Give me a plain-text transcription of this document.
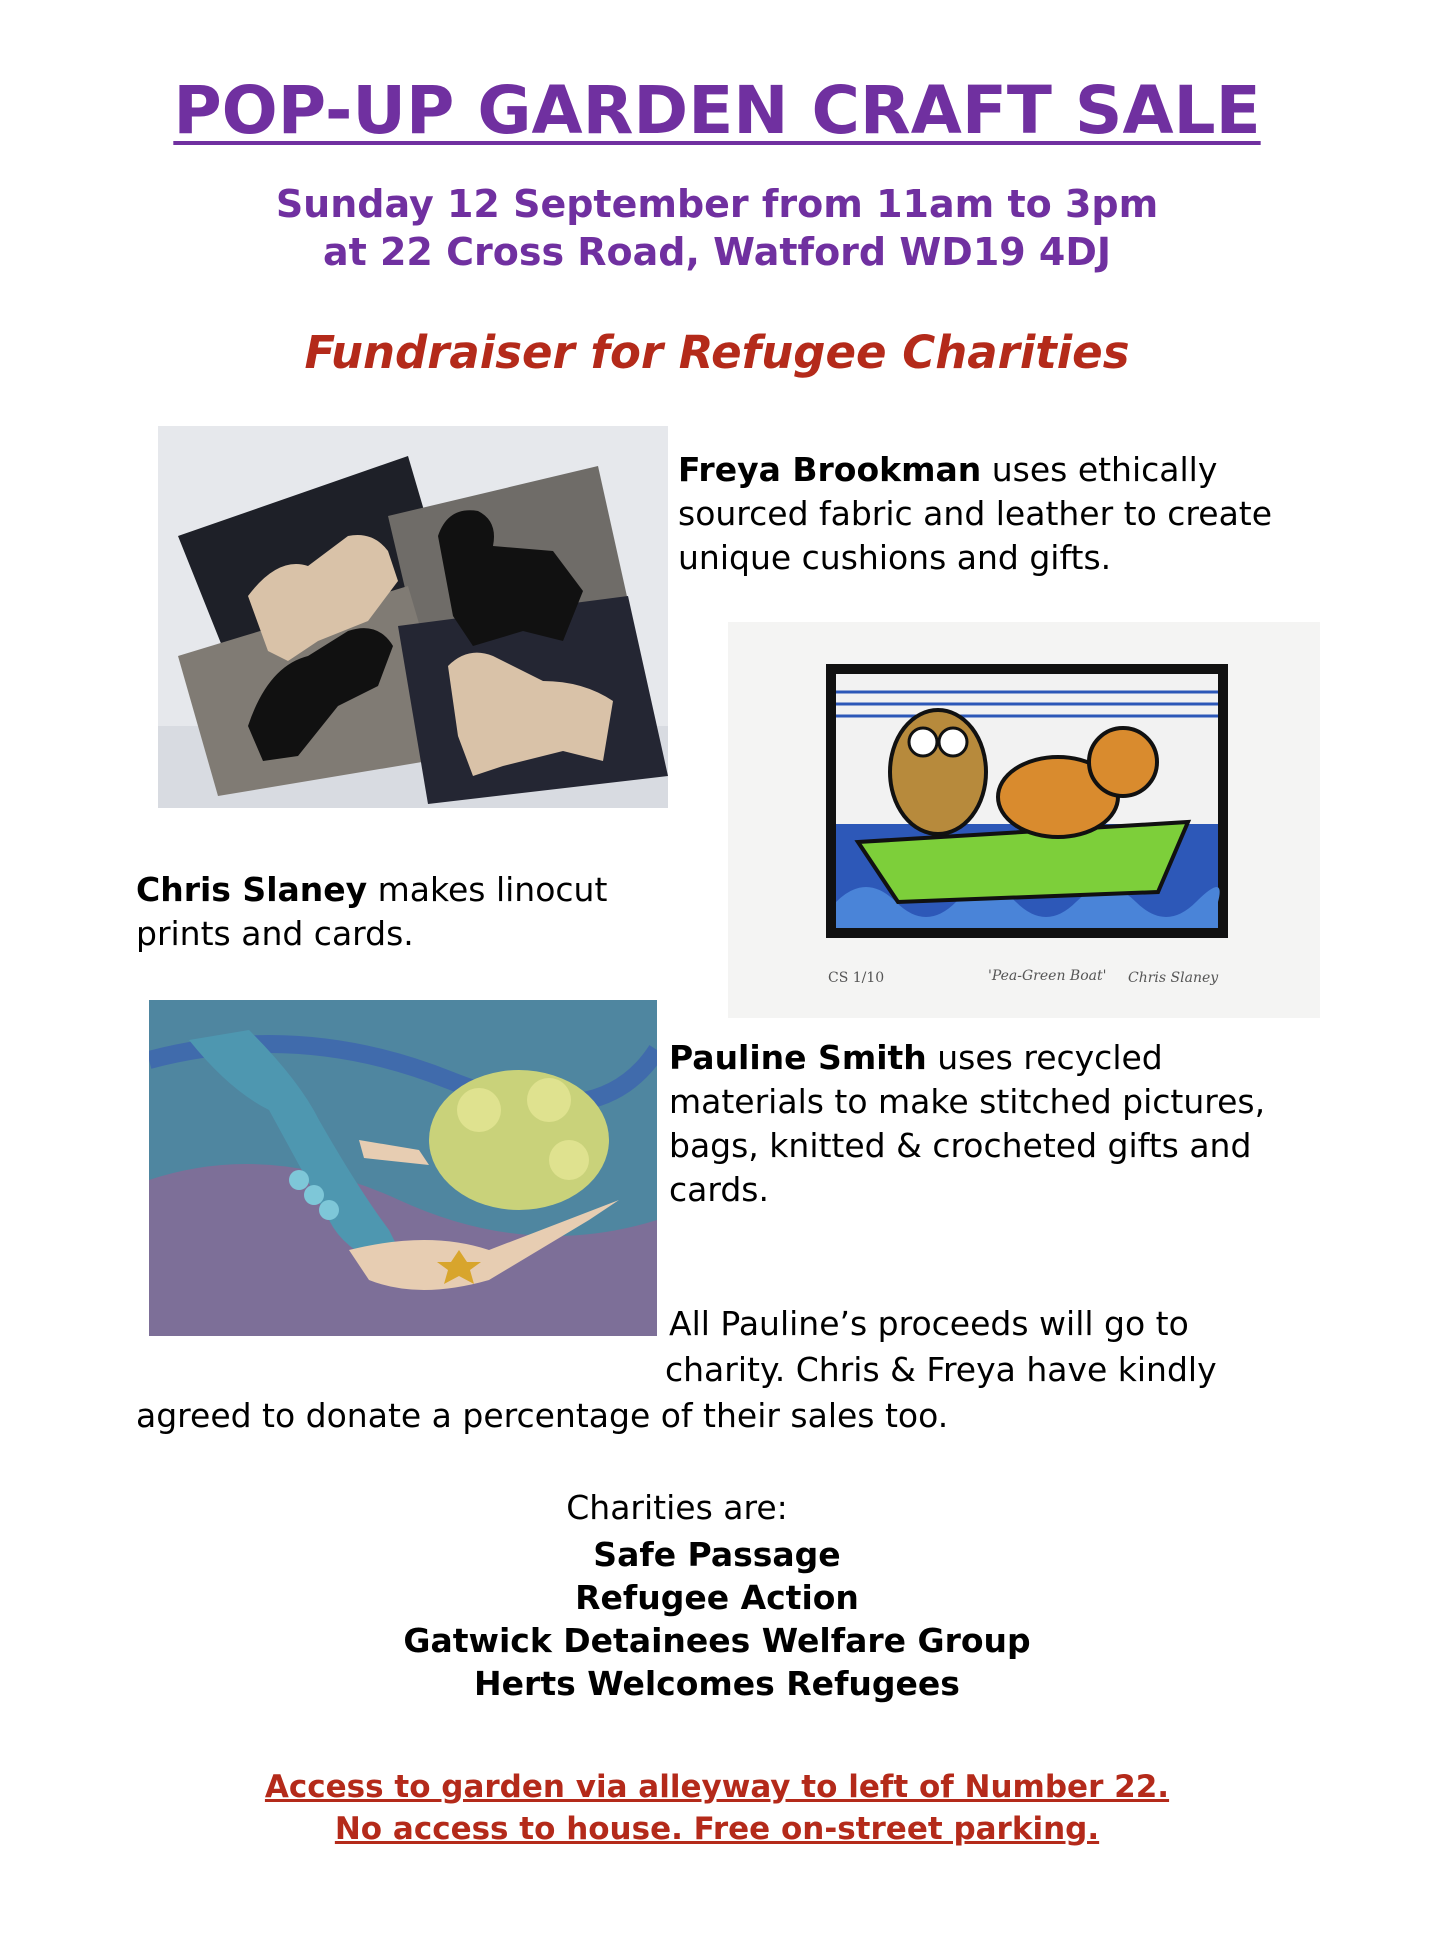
POP-UP GARDEN CRAFT SALE
Sunday 12 September from 11am to 3pm
at 22 Cross Road, Watford WD19 4DJ
Fundraiser for Refugee Charities
Freya Brookman uses ethically sourced fabric and leather to create unique cushions and gifts.
CS 1/10	'Pea-Green Boat' Chris Slaney
Chris Slaney makes linocut prints and cards.
Pauline Smith uses recycled materials to make stitched pictures, bags, knitted & crocheted gifts and cards.
All Pauline’s proceeds will go to
charity. Chris & Freya have kindly
agreed to donate a percentage of their sales too.
Charities are:
Safe Passage
Refugee Action
Gatwick Detainees Welfare Group
Herts Welcomes Refugees
Access to garden via alleyway to left of Number 22.
No access to house. Free on-street parking.
